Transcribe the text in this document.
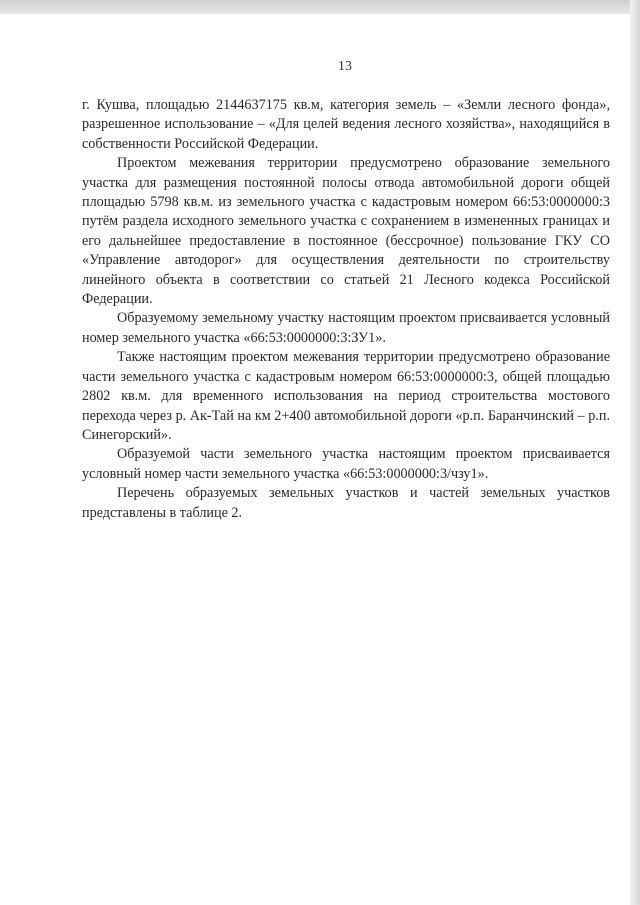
13

г. Кушва, площадью 2144637175 кв.м, категория земель – «Земли лесного фонда», разрешенное использование – «Для целей ведения лесного хозяйства», находящийся в собственности Российской Федерации.

Проектом межевания территории предусмотрено образование земельного участка для размещения постоянной полосы отвода автомобильной дороги общей площадью 5798 кв.м. из земельного участка с кадастровым номером 66:53:0000000:3 путём раздела исходного земельного участка с сохранением в измененных границах и его дальнейшее предоставление в постоянное (бессрочное) пользование ГКУ СО «Управление автодорог» для осуществления деятельности по строительству линейного объекта в соответствии со статьей 21 Лесного кодекса Российской Федерации.

Образуемому земельному участку настоящим проектом присваивается условный номер земельного участка «66:53:0000000:3:ЗУ1».

Также настоящим проектом межевания территории предусмотрено образование части земельного участка с кадастровым номером 66:53:0000000:3, общей площадью 2802 кв.м. для временного использования на период строительства мостового перехода через р. Ак-Тай на км 2+400 автомобильной дороги «р.п. Баранчинский – р.п. Синегорский».

Образуемой части земельного участка настоящим проектом присваивается условный номер части земельного участка «66:53:0000000:3/чзу1».

Перечень образуемых земельных участков и частей земельных участков представлены в таблице 2.
